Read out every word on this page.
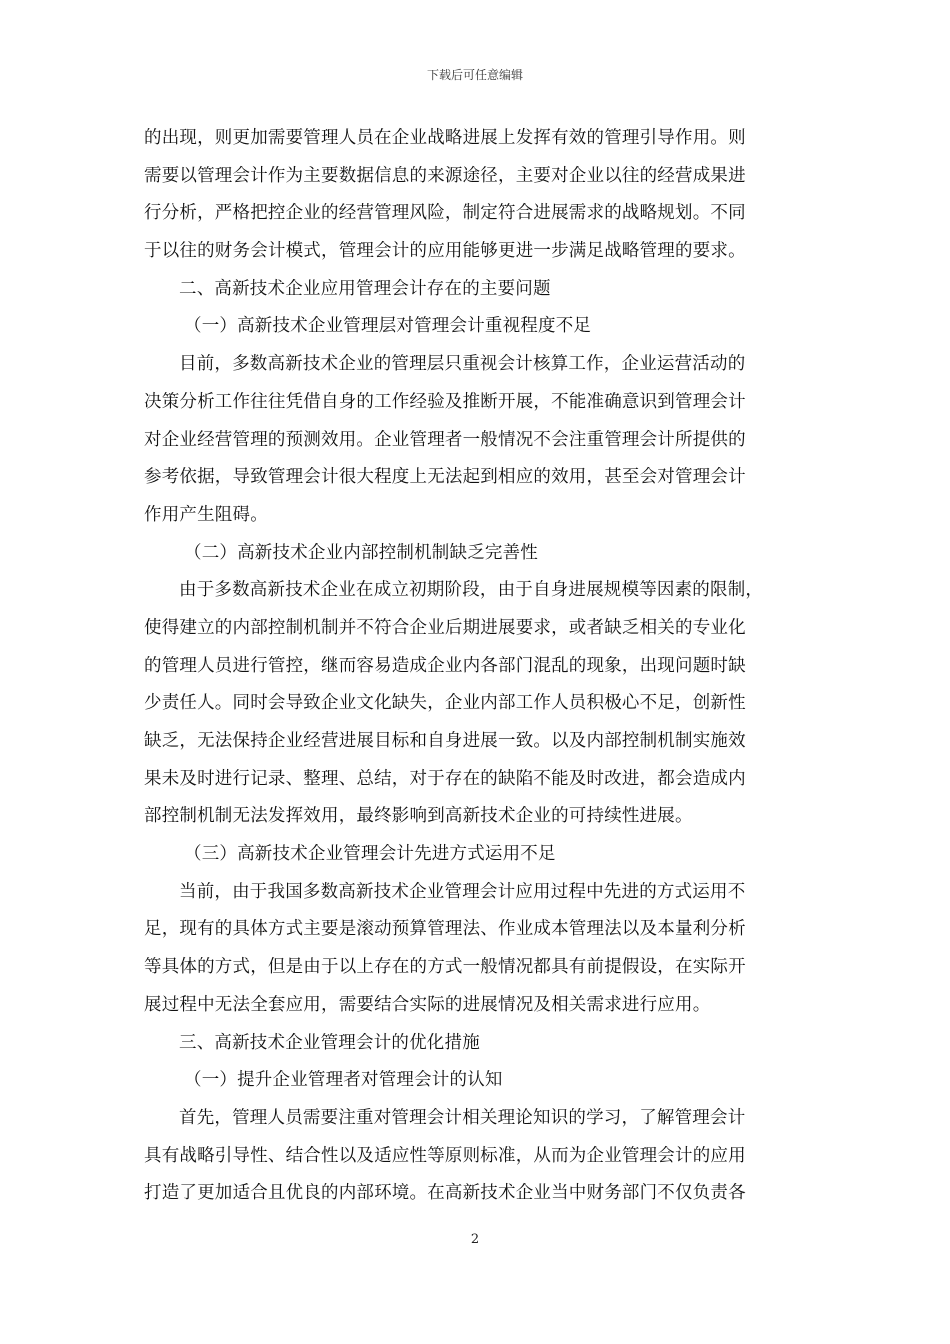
下载后可任意编辑
的出现，则更加需要管理人员在企业战略进展上发挥有效的管理引导作用。则
需要以管理会计作为主要数据信息的来源途径，主要对企业以往的经营成果进
行分析，严格把控企业的经营管理风险，制定符合进展需求的战略规划。不同
于以往的财务会计模式，管理会计的应用能够更进一步满足战略管理的要求。
二、高新技术企业应用管理会计存在的主要问题
（一）高新技术企业管理层对管理会计重视程度不足
目前，多数高新技术企业的管理层只重视会计核算工作，企业运营活动的
决策分析工作往往凭借自身的工作经验及推断开展，不能准确意识到管理会计
对企业经营管理的预测效用。企业管理者一般情况不会注重管理会计所提供的
参考依据，导致管理会计很大程度上无法起到相应的效用，甚至会对管理会计
作用产生阻碍。
（二）高新技术企业内部控制机制缺乏完善性
由于多数高新技术企业在成立初期阶段，由于自身进展规模等因素的限制，
使得建立的内部控制机制并不符合企业后期进展要求，或者缺乏相关的专业化
的管理人员进行管控，继而容易造成企业内各部门混乱的现象，出现问题时缺
少责任人。同时会导致企业文化缺失，企业内部工作人员积极心不足，创新性
缺乏，无法保持企业经营进展目标和自身进展一致。以及内部控制机制实施效
果未及时进行记录、整理、总结，对于存在的缺陷不能及时改进，都会造成内
部控制机制无法发挥效用，最终影响到高新技术企业的可持续性进展。
（三）高新技术企业管理会计先进方式运用不足
当前，由于我国多数高新技术企业管理会计应用过程中先进的方式运用不
足，现有的具体方式主要是滚动预算管理法、作业成本管理法以及本量利分析
等具体的方式，但是由于以上存在的方式一般情况都具有前提假设，在实际开
展过程中无法全套应用，需要结合实际的进展情况及相关需求进行应用。
三、高新技术企业管理会计的优化措施
（一）提升企业管理者对管理会计的认知
首先，管理人员需要注重对管理会计相关理论知识的学习，了解管理会计
具有战略引导性、结合性以及适应性等原则标准，从而为企业管理会计的应用
打造了更加适合且优良的内部环境。在高新技术企业当中财务部门不仅负责各
2
